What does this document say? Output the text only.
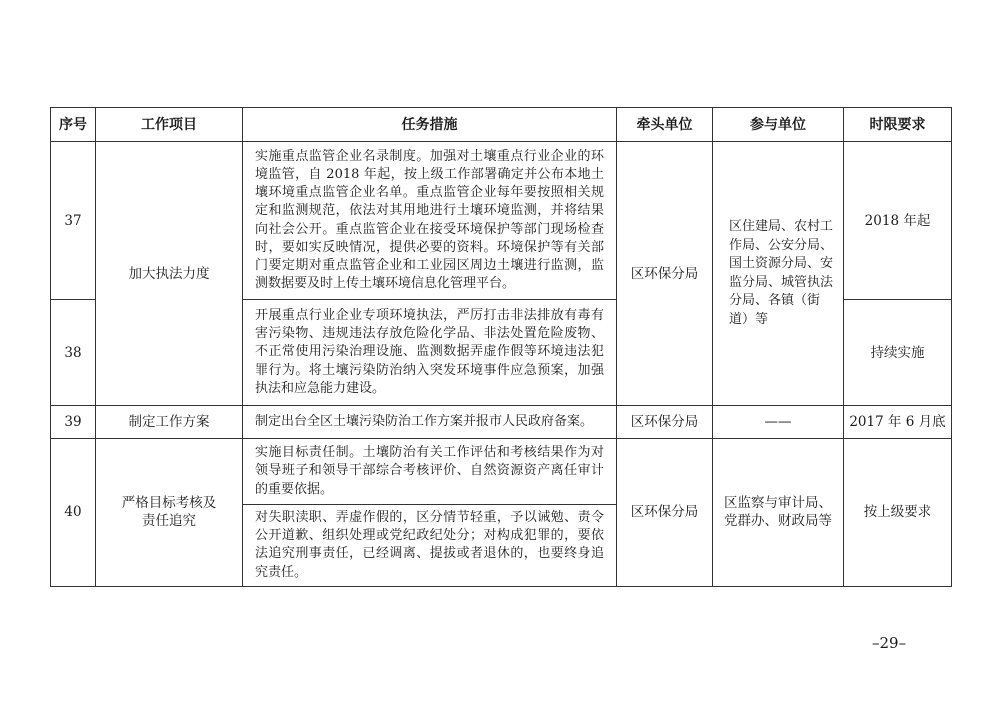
序号	工作项目	任务措施	牵头单位	参与单位	时限要求
37	加大执法力度	实施重点监管企业名录制度。加强对土壤重点行业企业的环境监管，自 2018 年起，按上级工作部署确定并公布本地土壤环境重点监管企业名单。重点监管企业每年要按照相关规定和监测规范，依法对其用地进行土壤环境监测，并将结果向社会公开。重点监管企业在接受环境保护等部门现场检查时，要如实反映情况，提供必要的资料。环境保护等有关部门要定期对重点监管企业和工业园区周边土壤进行监测，监测数据要及时上传土壤环境信息化管理平台。	区环保分局	区住建局、农村工作局、公安分局、国土资源分局、安监分局、城管执法分局、各镇（街道）等	2018 年起
38		开展重点行业企业专项环境执法，严厉打击非法排放有毒有害污染物、违规违法存放危险化学品、非法处置危险废物、不正常使用污染治理设施、监测数据弄虚作假等环境违法犯罪行为。将土壤污染防治纳入突发环境事件应急预案，加强执法和应急能力建设。			持续实施
39	制定工作方案	制定出台全区土壤污染防治工作方案并报市人民政府备案。	区环保分局	——	2017 年 6 月底
40	严格目标考核及责任追究	实施目标责任制。土壤防治有关工作评估和考核结果作为对领导班子和领导干部综合考核评价、自然资源资产离任审计的重要依据。	区环保分局	区监察与审计局、党群办、财政局等	按上级要求
		对失职渎职、弄虚作假的，区分情节轻重，予以诫勉、责令公开道歉、组织处理或党纪政纪处分；对构成犯罪的，要依法追究刑事责任，已经调离、提拔或者退休的，也要终身追究责任。			
–29–
